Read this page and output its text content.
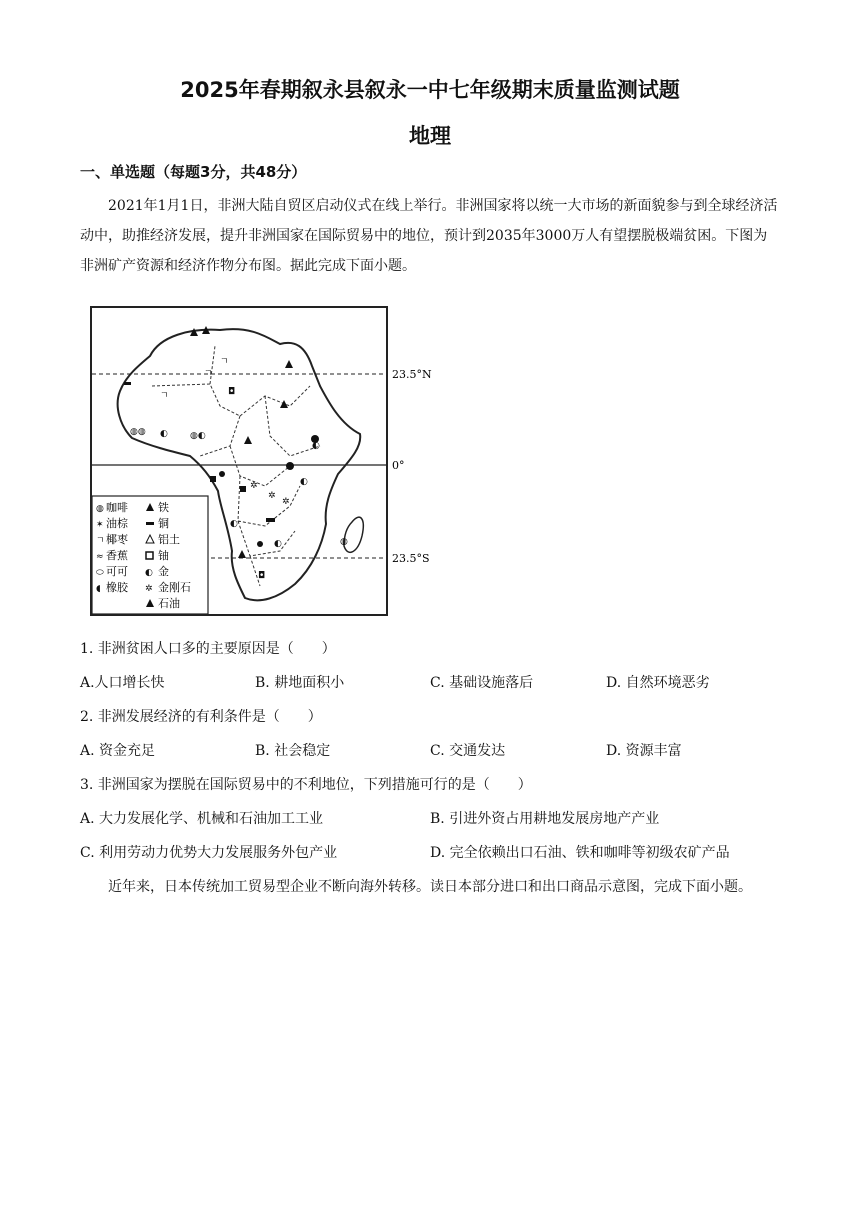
2025年春期叙永县叙永一中七年级期末质量监测试题
地理
一、单选题（每题3分，共48分）
2021年1月1日，非洲大陆自贸区启动仪式在线上举行。非洲国家将以统一大市场的新面貌参与到全球经济活动中，助推经济发展，提升非洲国家在国际贸易中的地位，预计到2035年3000万人有望摆脱极端贫困。下图为非洲矿产资源和经济作物分布图。据此完成下面小题。
◍◍ ◐ ◍◐
✲
✲
✲
◐
◐
◐
◍
◐
ㄱ
ㄱ
ㄱ
◘
◘
23.5°N
0°
23.5°S
咖啡
油棕
椰枣
香蕉
可可
橡胶
铁
铜
铝土
铀
金
金刚石
石油
◍
✶
ㄱ
≈
⬭
◖
◐
✲
1. 非洲贫困人口多的主要原因是（　　）
A.人口增长快	B. 耕地面积小	C. 基础设施落后	D. 自然环境恶劣
2. 非洲发展经济的有利条件是（　　）
A. 资金充足	B. 社会稳定	C. 交通发达	D. 资源丰富
3. 非洲国家为摆脱在国际贸易中的不利地位，下列措施可行的是（　　）
A. 大力发展化学、机械和石油加工工业	B. 引进外资占用耕地发展房地产产业
C. 利用劳动力优势大力发展服务外包产业	D. 完全依赖出口石油、铁和咖啡等初级农矿产品
近年来，日本传统加工贸易型企业不断向海外转移。读日本部分进口和出口商品示意图，完成下面小题。
